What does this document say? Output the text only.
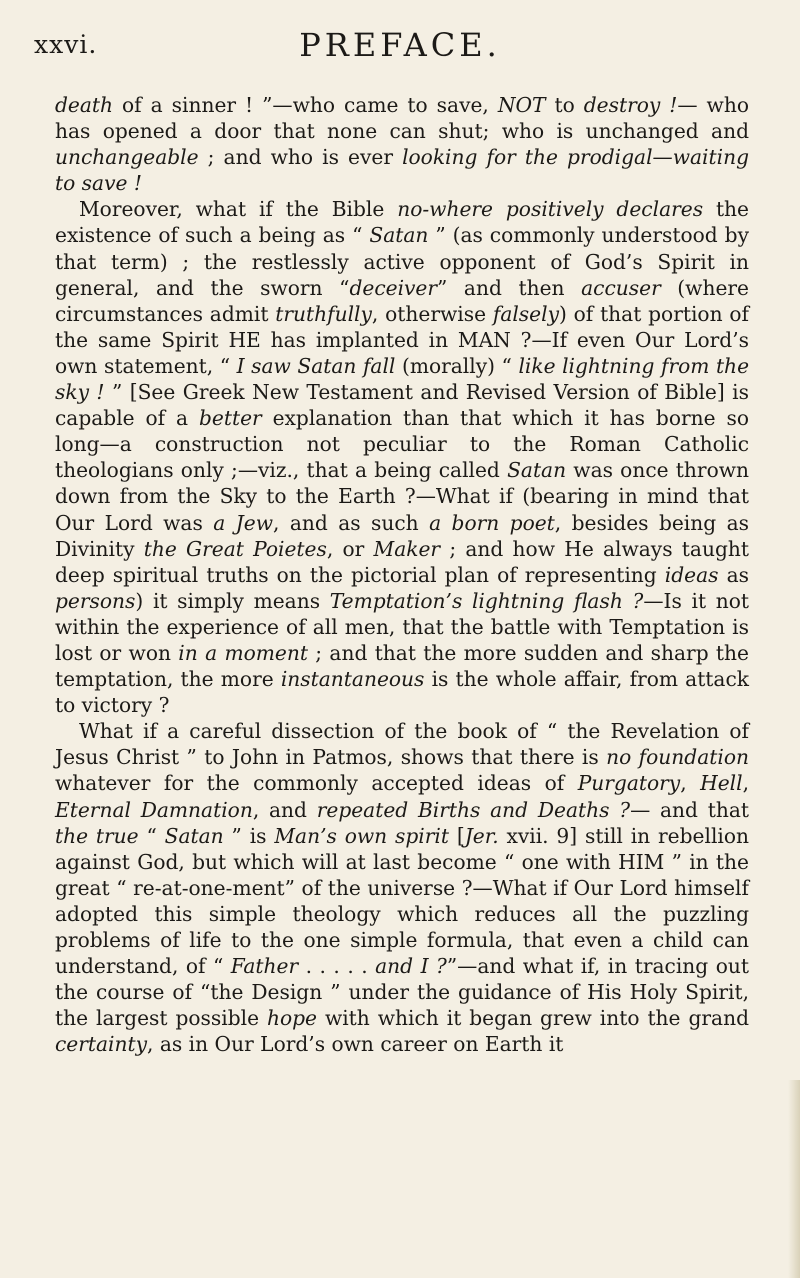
xxvi.	PREFACE.

death of a sinner ! ”—who came to save, NOT to destroy !— who has opened a door that none can shut; who is unchanged and unchangeable ; and who is ever looking for the prodigal—waiting to save !

Moreover, what if the Bible no-where positively declares the existence of such a being as “ Satan ” (as commonly understood by that term) ; the restlessly active opponent of God’s Spirit in general, and the sworn “deceiver” and then accuser (where circumstances admit truthfully, otherwise falsely) of that portion of the same Spirit HE has implanted in MAN ?—If even Our Lord’s own statement, “ I saw Satan fall (morally) “ like lightning from the sky ! ” [See Greek New Testament and Revised Version of Bible] is capable of a better explanation than that which it has borne so long—a construction not peculiar to the Roman Catholic theologians only ;—viz., that a being called Satan was once thrown down from the Sky to the Earth ?—What if (bearing in mind that Our Lord was a Jew, and as such a born poet, besides being as Divinity the Great Poietes, or Maker ; and how He always taught deep spiritual truths on the pictorial plan of representing ideas as persons) it simply means Temptation’s lightning flash ?—Is it not within the experience of all men, that the battle with Temptation is lost or won in a moment ; and that the more sudden and sharp the temptation, the more instantaneous is the whole affair, from attack to victory ?

What if a careful dissection of the book of “ the Revelation of Jesus Christ ” to John in Patmos, shows that there is no foundation whatever for the commonly accepted ideas of Purgatory, Hell, Eternal Damnation, and repeated Births and Deaths ?— and that the true “ Satan ” is Man’s own spirit [Jer. xvii. 9] still in rebellion against God, but which will at last become “ one with HIM ” in the great “ re-at-one-ment” of the universe ?—What if Our Lord himself adopted this simple theology which reduces all the puzzling problems of life to the one simple formula, that even a child can understand, of “ Father . . . . . and I ?”—and what if, in tracing out the course of “the Design ” under the guidance of His Holy Spirit, the largest possible hope with which it began grew into the grand certainty, as in Our Lord’s own career on Earth it
